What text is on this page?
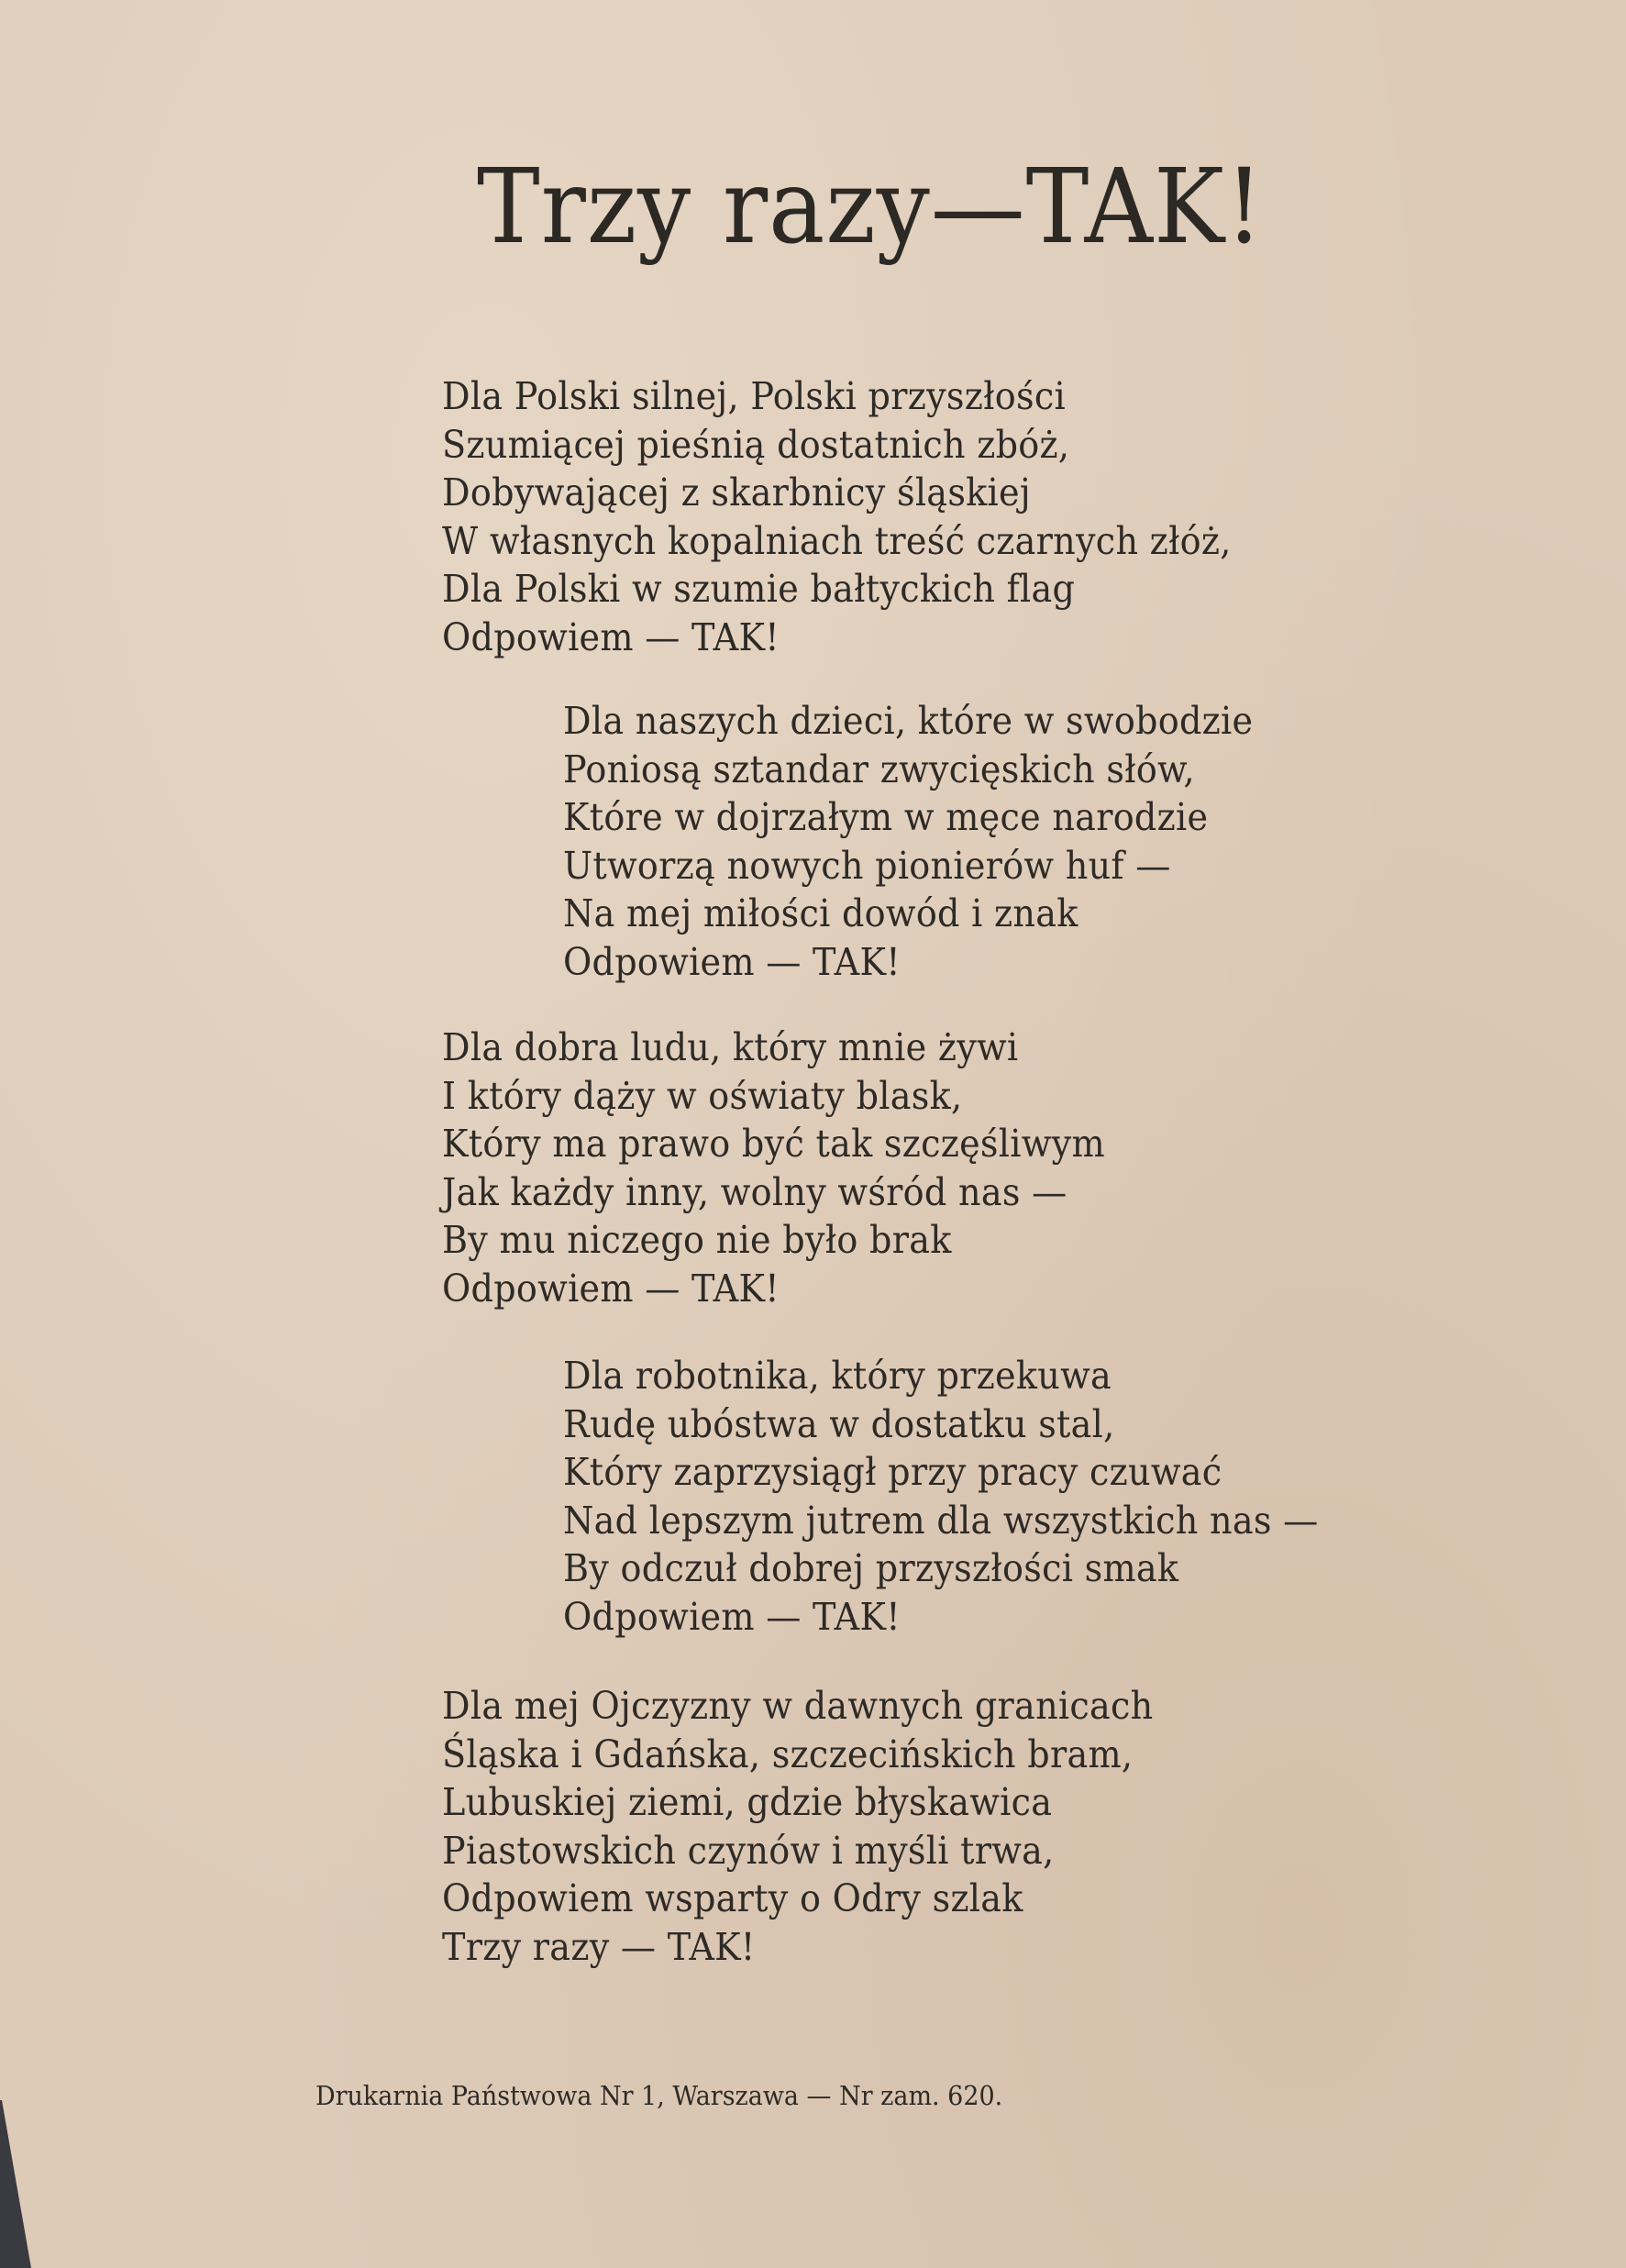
Trzy razy—TAK!
Dla Polski silnej, Polski przyszłości
Szumiącej pieśnią dostatnich zbóż,
Dobywającej z skarbnicy śląskiej
W własnych kopalniach treść czarnych złóż,
Dla Polski w szumie bałtyckich flag
Odpowiem — TAK!
Dla naszych dzieci, które w swobodzie
Poniosą sztandar zwycięskich słów,
Które w dojrzałym w męce narodzie
Utworzą nowych pionierów huf —
Na mej miłości dowód i znak
Odpowiem — TAK!
Dla dobra ludu, który mnie żywi
I który dąży w oświaty blask,
Który ma prawo być tak szczęśliwym
Jak każdy inny, wolny wśród nas —
By mu niczego nie było brak
Odpowiem — TAK!
Dla robotnika, który przekuwa
Rudę ubóstwa w dostatku stal,
Który zaprzysiągł przy pracy czuwać
Nad lepszym jutrem dla wszystkich nas —
By odczuł dobrej przyszłości smak
Odpowiem — TAK!
Dla mej Ojczyzny w dawnych granicach
Śląska i Gdańska, szczecińskich bram,
Lubuskiej ziemi, gdzie błyskawica
Piastowskich czynów i myśli trwa,
Odpowiem wsparty o Odry szlak
Trzy razy — TAK!
Drukarnia Państwowa Nr 1, Warszawa — Nr zam. 620.
